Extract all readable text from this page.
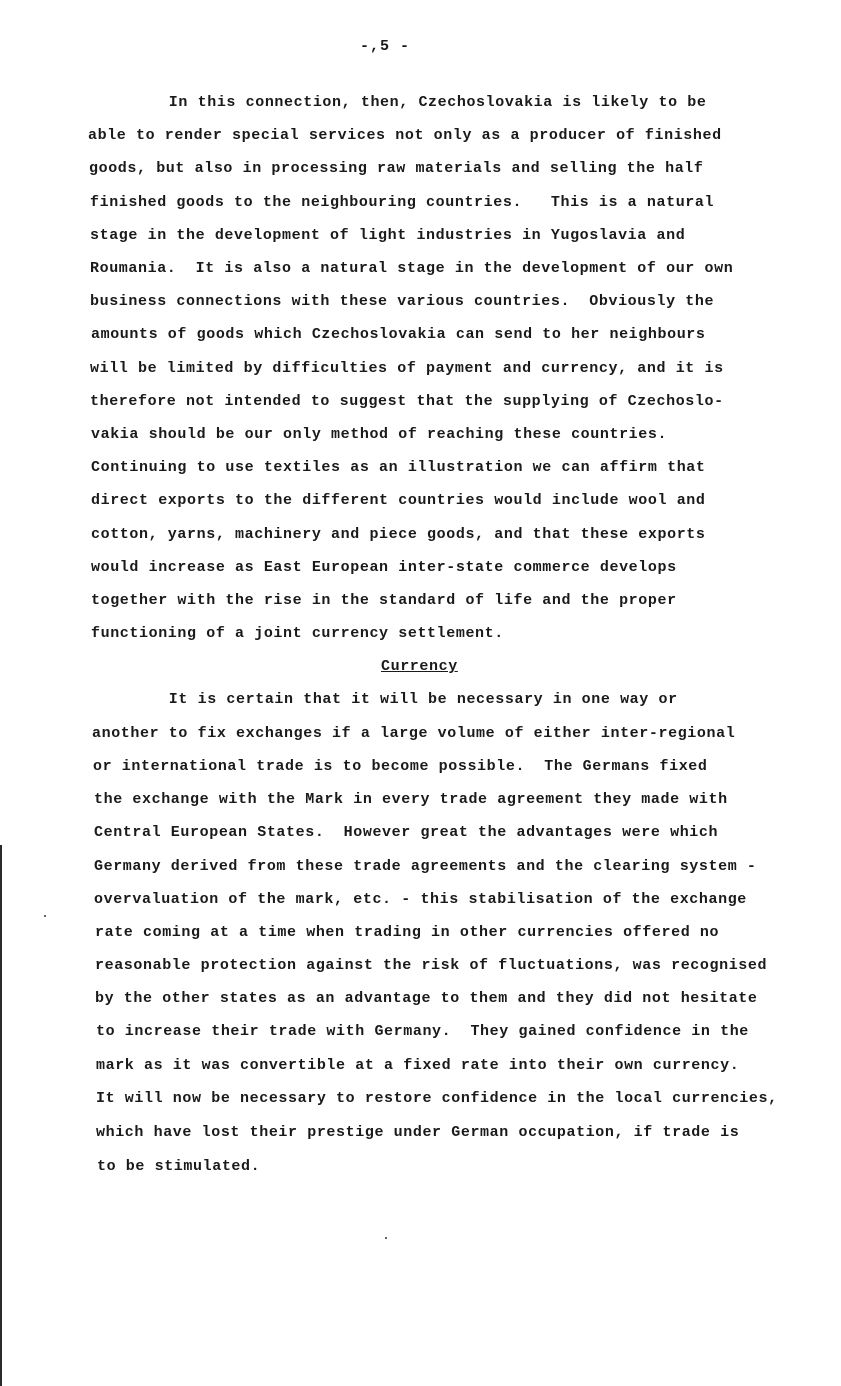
-,5 -
In this connection, then, Czechoslovakia is likely to be
able to render special services not only as a producer of finished
goods, but also in processing raw materials and selling the half
finished goods to the neighbouring countries.   This is a natural
stage in the development of light industries in Yugoslavia and
Roumania.  It is also a natural stage in the development of our own
business connections with these various countries.  Obviously the
amounts of goods which Czechoslovakia can send to her neighbours
will be limited by difficulties of payment and currency, and it is
therefore not intended to suggest that the supplying of Czechoslo-
vakia should be our only method of reaching these countries.
Continuing to use textiles as an illustration we can affirm that
direct exports to the different countries would include wool and
cotton, yarns, machinery and piece goods, and that these exports
would increase as East European inter-state commerce develops
together with the rise in the standard of life and the proper
functioning of a joint currency settlement.
Currency
It is certain that it will be necessary in one way or
another to fix exchanges if a large volume of either inter-regional
or international trade is to become possible.  The Germans fixed
the exchange with the Mark in every trade agreement they made with
Central European States.  However great the advantages were which
Germany derived from these trade agreements and the clearing system -
overvaluation of the mark, etc. - this stabilisation of the exchange
rate coming at a time when trading in other currencies offered no
reasonable protection against the risk of fluctuations, was recognised
by the other states as an advantage to them and they did not hesitate
to increase their trade with Germany.  They gained confidence in the
mark as it was convertible at a fixed rate into their own currency.
It will now be necessary to restore confidence in the local currencies,
which have lost their prestige under German occupation, if trade is
to be stimulated.
